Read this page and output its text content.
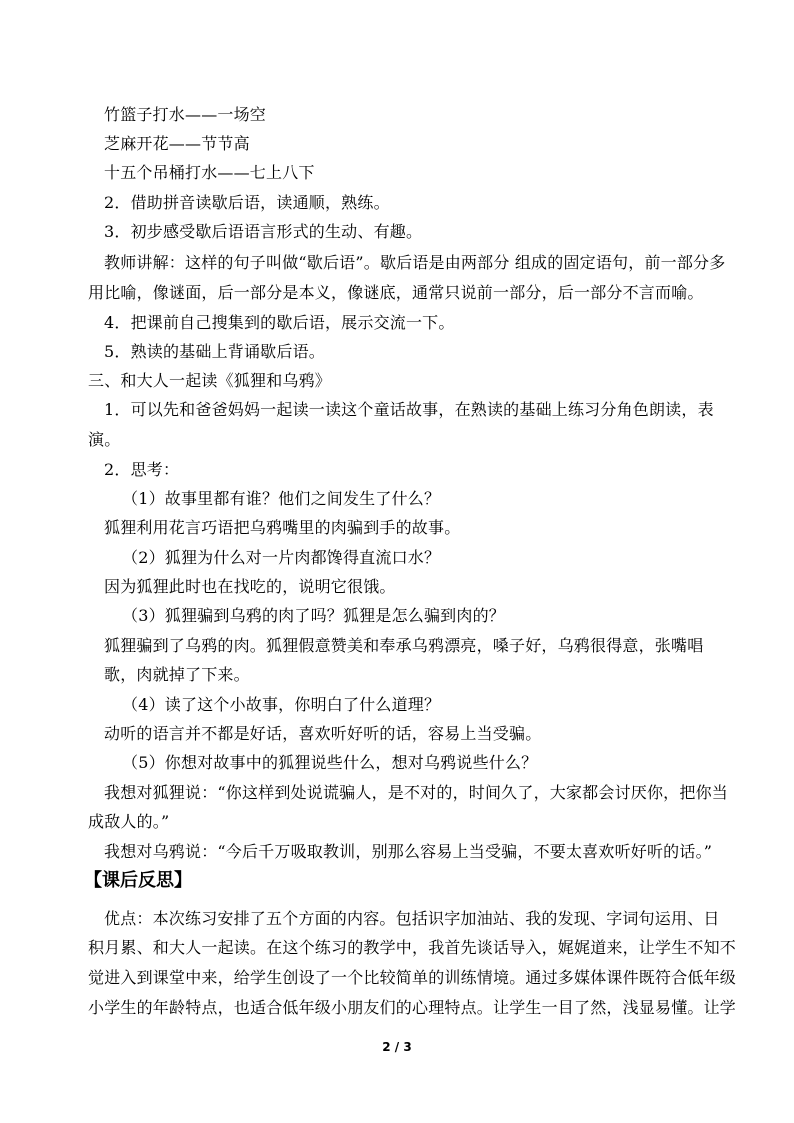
竹篮子打水——一场空
芝麻开花——节节高
十五个吊桶打水——七上八下
2．借助拼音读歇后语，读通顺，熟练。
3．初步感受歇后语语言形式的生动、有趣。
教师讲解：这样的句子叫做“歇后语”。歇后语是由两部分 组成的固定语句，前一部分多
用比喻，像谜面，后一部分是本义，像谜底，通常只说前一部分，后一部分不言而喻。
4．把课前自己搜集到的歇后语，展示交流一下。
5．熟读的基础上背诵歇后语。
三、和大人一起读《狐狸和乌鸦》
1．可以先和爸爸妈妈一起读一读这个童话故事，在熟读的基础上练习分角色朗读，表
演。
2．思考：
（1）故事里都有谁？他们之间发生了什么？
狐狸利用花言巧语把乌鸦嘴里的肉骗到手的故事。
（2）狐狸为什么对一片肉都馋得直流口水？
因为狐狸此时也在找吃的，说明它很饿。
（3）狐狸骗到乌鸦的肉了吗？狐狸是怎么骗到肉的？
狐狸骗到了乌鸦的肉。狐狸假意赞美和奉承乌鸦漂亮，嗓子好，乌鸦很得意，张嘴唱
歌，肉就掉了下来。
（4）读了这个小故事，你明白了什么道理？
动听的语言并不都是好话，喜欢听好听的话，容易上当受骗。
（5）你想对故事中的狐狸说些什么，想对乌鸦说些什么？
我想对狐狸说：“你这样到处说谎骗人，是不对的，时间久了，大家都会讨厌你，把你当
成敌人的。”
我想对乌鸦说：“今后千万吸取教训，别那么容易上当受骗，不要太喜欢听好听的话。”
【课后反思】
优点：本次练习安排了五个方面的内容。包括识字加油站、我的发现、字词句运用、日
积月累、和大人一起读。在这个练习的教学中，我首先谈话导入，娓娓道来，让学生不知不
觉进入到课堂中来，给学生创设了一个比较简单的训练情境。通过多媒体课件既符合低年级
小学生的年龄特点，也适合低年级小朋友们的心理特点。让学生一目了然，浅显易懂。让学
2 / 3
